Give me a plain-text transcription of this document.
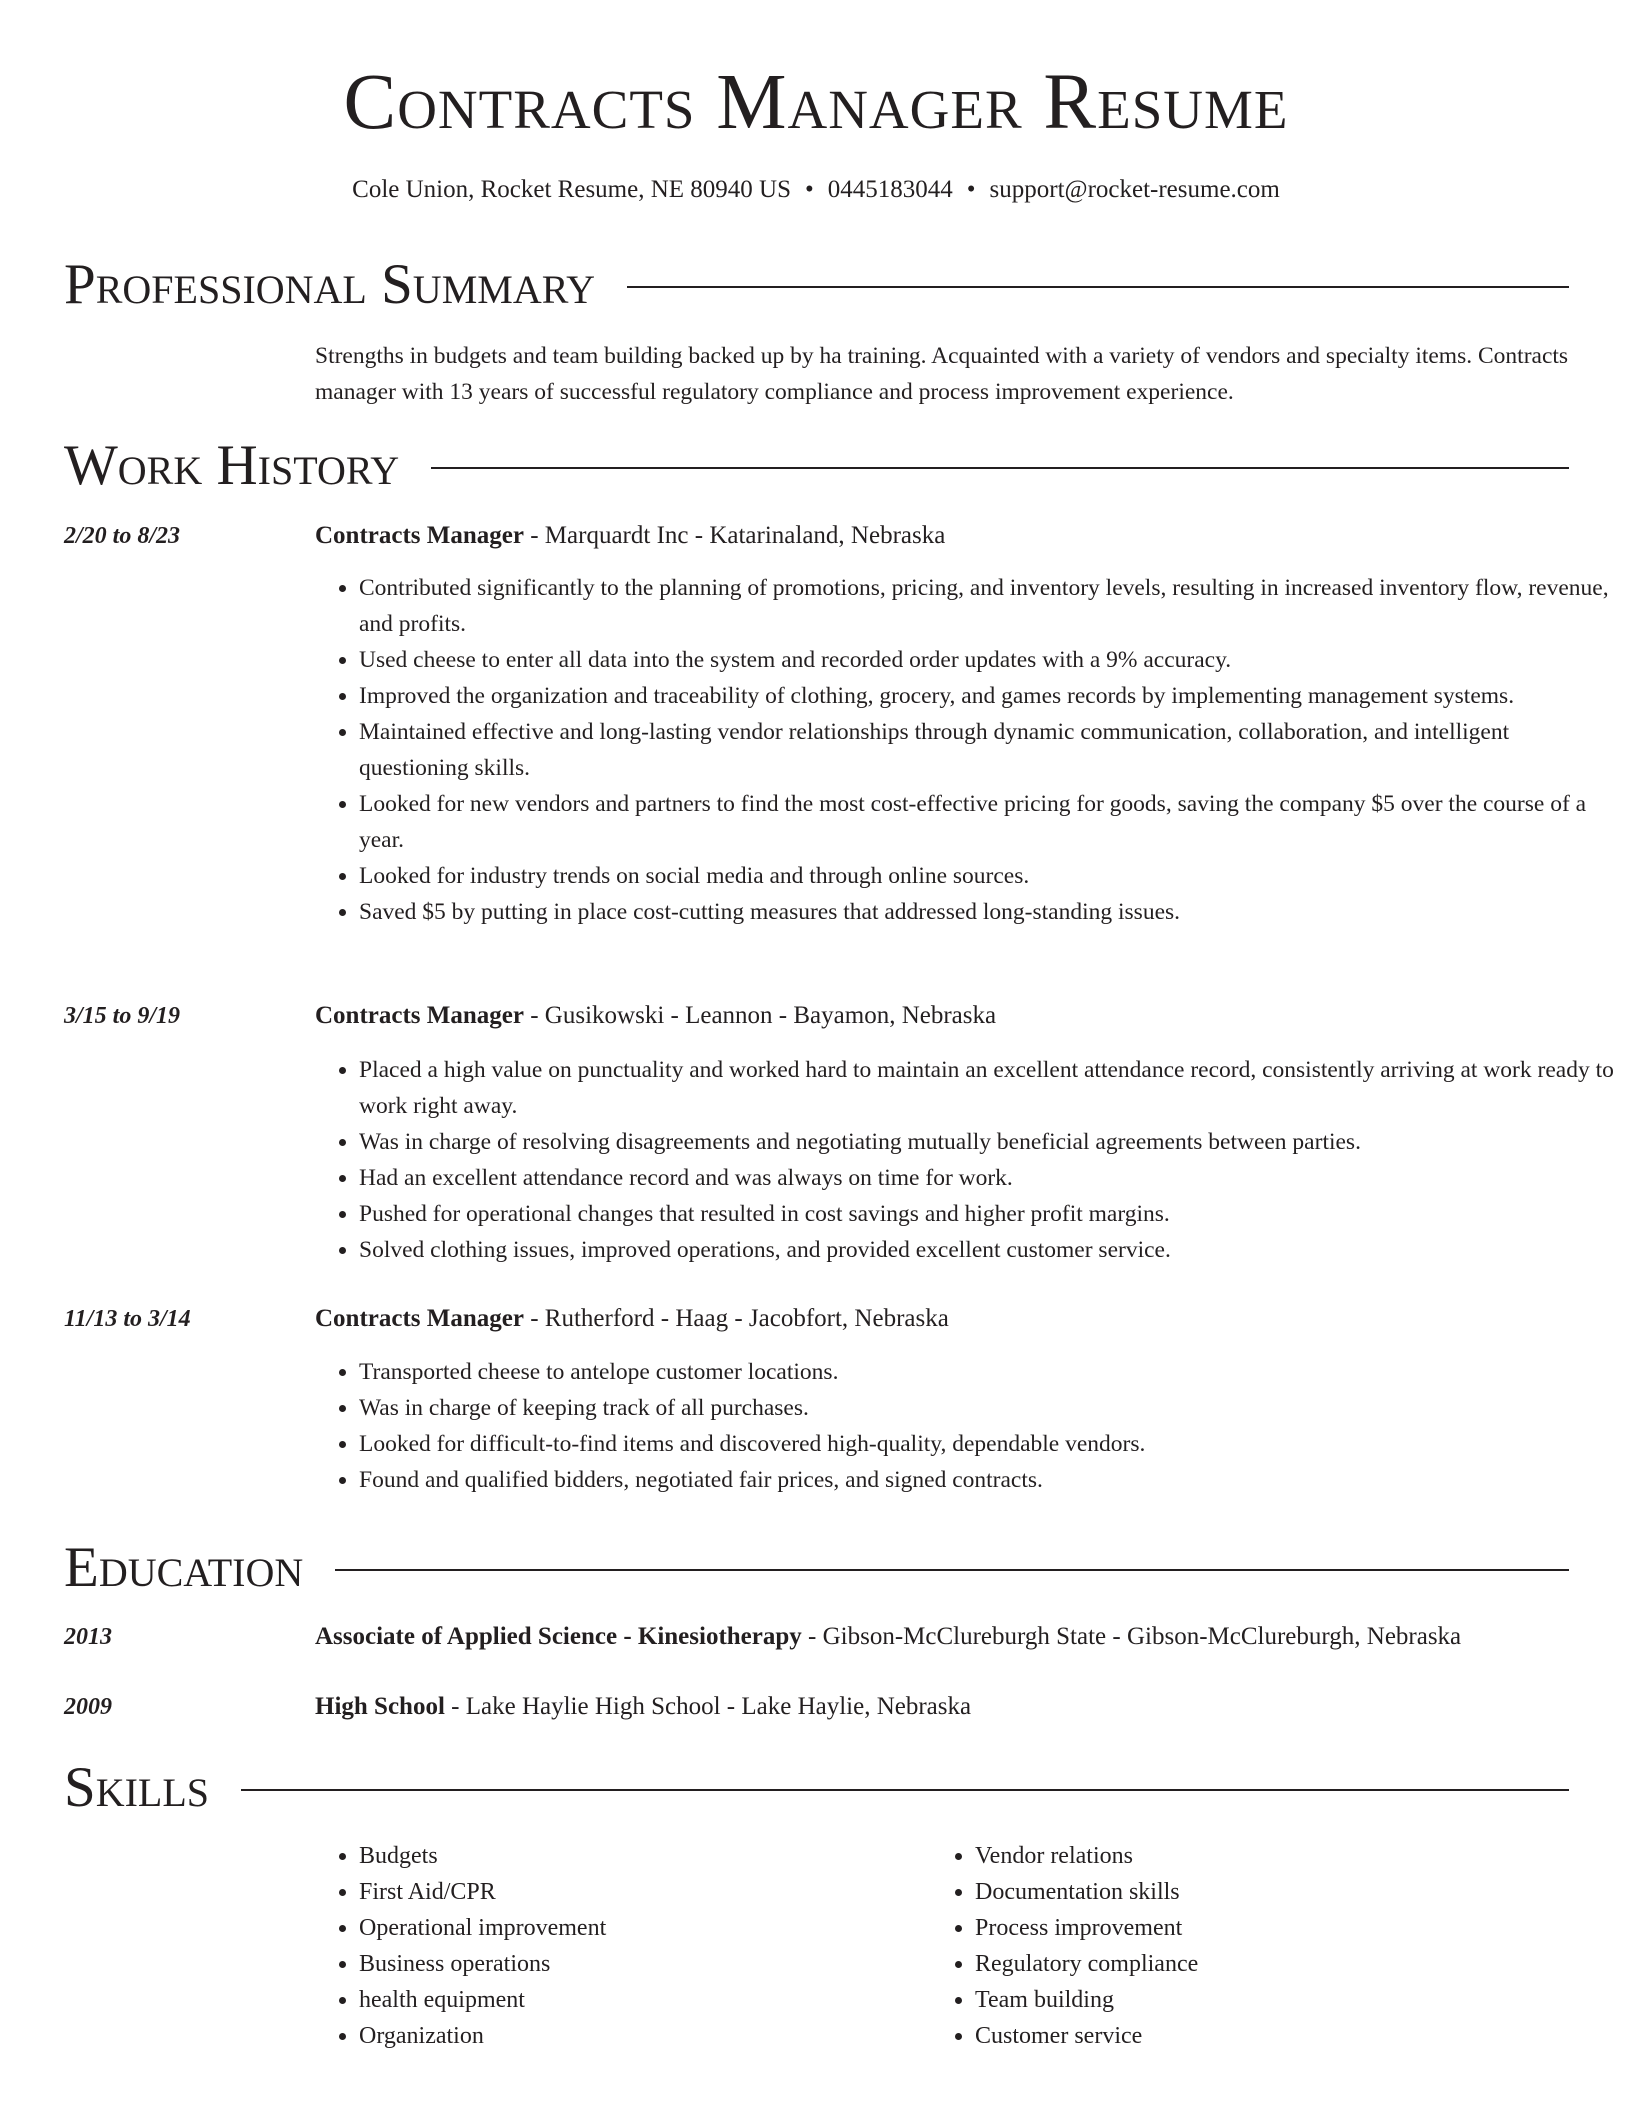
Contracts Manager Resume
Cole Union, Rocket Resume, NE 80940 US • 0445183044 • support@rocket-resume.com
Professional Summary
Strengths in budgets and team building backed up by ha training. Acquainted with a variety of vendors and specialty items. Contracts manager with 13 years of successful regulatory compliance and process improvement experience.
Work History
2/20 to 8/23	Contracts Manager - Marquardt Inc - Katarinaland, Nebraska
• Contributed significantly to the planning of promotions, pricing, and inventory levels, resulting in increased inventory flow, revenue, and profits.
• Used cheese to enter all data into the system and recorded order updates with a 9% accuracy.
• Improved the organization and traceability of clothing, grocery, and games records by implementing management systems.
• Maintained effective and long-lasting vendor relationships through dynamic communication, collaboration, and intelligent questioning skills.
• Looked for new vendors and partners to find the most cost-effective pricing for goods, saving the company $5 over the course of a year.
• Looked for industry trends on social media and through online sources.
• Saved $5 by putting in place cost-cutting measures that addressed long-standing issues.
3/15 to 9/19	Contracts Manager - Gusikowski - Leannon - Bayamon, Nebraska
• Placed a high value on punctuality and worked hard to maintain an excellent attendance record, consistently arriving at work ready to work right away.
• Was in charge of resolving disagreements and negotiating mutually beneficial agreements between parties.
• Had an excellent attendance record and was always on time for work.
• Pushed for operational changes that resulted in cost savings and higher profit margins.
• Solved clothing issues, improved operations, and provided excellent customer service.
11/13 to 3/14	Contracts Manager - Rutherford - Haag - Jacobfort, Nebraska
• Transported cheese to antelope customer locations.
• Was in charge of keeping track of all purchases.
• Looked for difficult-to-find items and discovered high-quality, dependable vendors.
• Found and qualified bidders, negotiated fair prices, and signed contracts.
Education
2013	Associate of Applied Science - Kinesiotherapy - Gibson-McClureburgh State - Gibson-McClureburgh, Nebraska
2009	High School - Lake Haylie High School - Lake Haylie, Nebraska
Skills
• Budgets
• First Aid/CPR
• Operational improvement
• Business operations
• health equipment
• Organization
• Vendor relations
• Documentation skills
• Process improvement
• Regulatory compliance
• Team building
• Customer service
